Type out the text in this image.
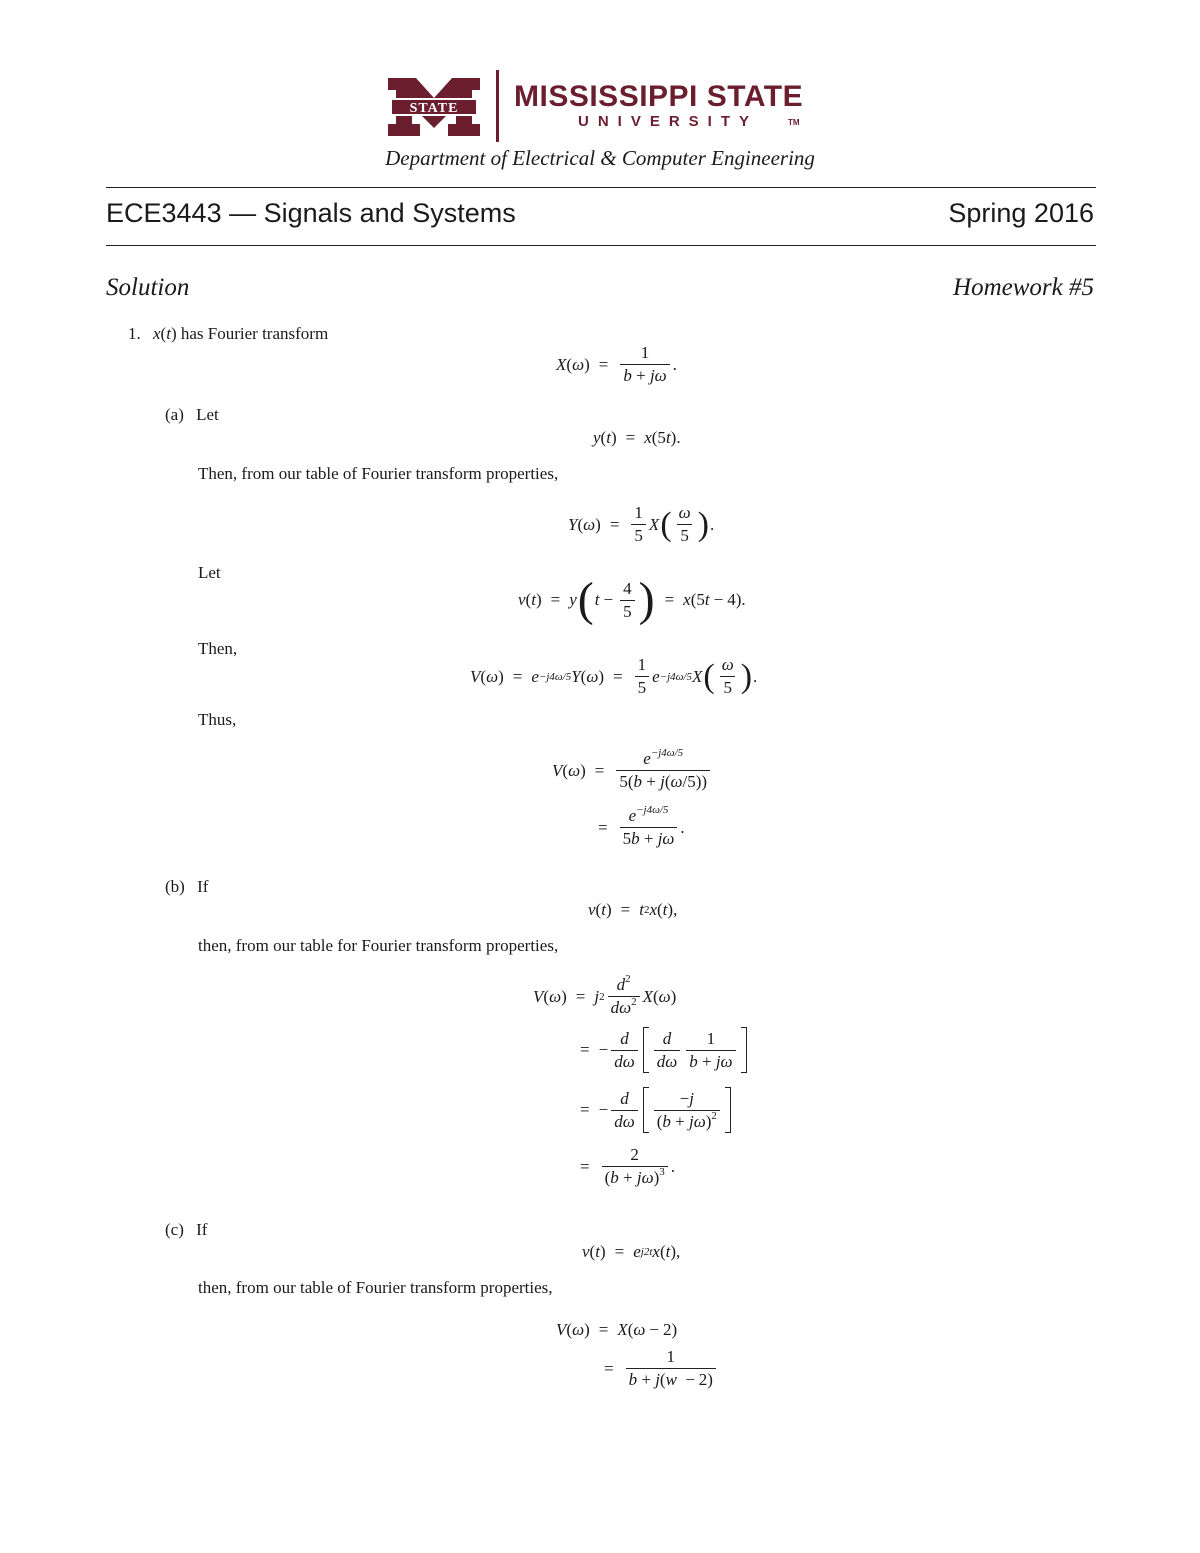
STATE MISSISSIPPI STATE
UNIVERSITY	TM
Department of Electrical & Computer Engineering
ECE3443 — Signals and Systems	Spring 2016
Solution	Homework #5
1. x(t) has Fourier transform
X ( ω ) = $\frac{1}{b + j\omega}$ .
(a) Let
y ( t ) = x (5 t ).
Then, from our table of Fourier transform properties,
Y ( ω ) = $\frac{1}{5}$ X ( $\frac{\omega}{5}$ ) .
Let
v ( t ) = y ( $t - \frac{4}{5}$ ) = x (5 t − 4).
Then,
V ( ω ) = e −j4ω/5 Y ( ω ) = $\frac{1}{5}$ e −j4ω/5 X ( $\frac{\omega}{5}$ ) .
Thus,
V ( ω ) = $\frac{e^{-j4\omega/5}}{5(b + j(\omega/5))}$
= $\frac{e^{-j4\omega/5}}{5b + j\omega}$ .
(b) If
v ( t ) = t 2 x ( t ),
then, from our table for Fourier transform properties,
V ( ω ) = j $2 \frac{d^2}{d\omega^2}$ X ( ω )
= − $\frac{d}{d\omega} \frac{d}{d\omega} \frac{1}{b + j\omega}$
= − $\frac{d}{d\omega} \frac{-j}{(b + j\omega)^2}$
= $\frac{2}{(b + j\omega)^3}$ .
(c) If
v ( t ) = e j2t x ( t ),
then, from our table of Fourier transform properties,
V ( ω ) = X ( ω − 2)
= $\frac{1}{b + j(w - 2)}$
